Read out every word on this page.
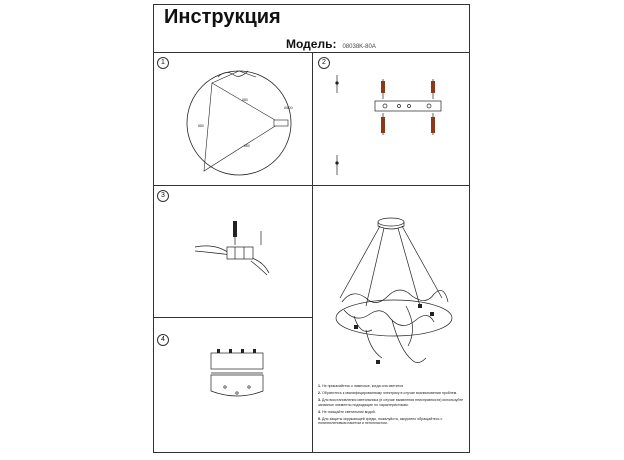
Инструкция
Модель: 08038K-80A
1	2
3
4
880
880
880
Ø800
1. Не прикасайтесь к лампочке, когда она светится
2. Обратитесь к квалифицированному электрику в случае возникновения проблем.
3. Для восстановления светильника (в случае выявления неисправности) используйте запасные элементы подходящие по характеристикам.
4. Не очищайте светильник водой.
5. Для защиты окружающей среды, пожалуйста, аккуратно обращайтесь с полиэтиленовым пакетом и пенопластом.
